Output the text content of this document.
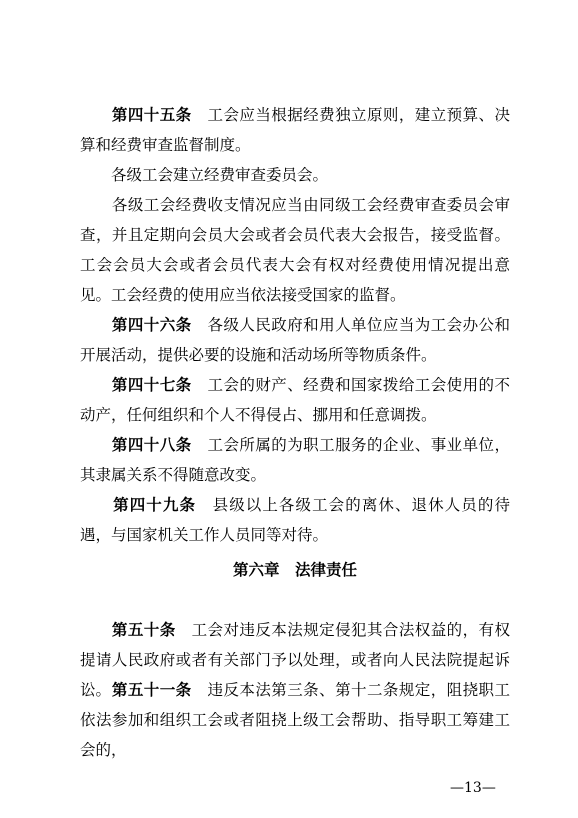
　　第四十五条　 工会应当根据经费独立原则，建立预算、决算和经费审查监督制度。

　　各级工会建立经费审查委员会。

　　各级工会经费收支情况应当由同级工会经费审查委员会审查，并且定期向会员大会或者会员代表大会报告，接受监督。工会会员大会或者会员代表大会有权对经费使用情况提出意见。

　　 工会经费的使用应当依法接受国家的监督。

　　第四十六条　 各级人民政府和用人单位应当为工会办公和开展活动，提供必要的设施和活动场所等物质条件。

　　第四十七条　 工会的财产、经费和国家拨给工会使用的不动产，任何组织和个人不得侵占、挪用和任意调拨。

　　第四十八条　 工会所属的为职工服务的企业、事业单位，其隶属关系不得随意改变。

　　第四十九条　 县级以上各级工会的离休、退休人员的待遇，与国家机关工作人员同等对待。

第六章　法律责任

　　第五十条　 工会对违反本法规定侵犯其合法权益的，有权提请人民政府或者有关部门予以处理，或者向人民法院提起诉讼。

　　 第五十一条　 违反本法第三条、第十二条规定，阻挠职工依法参加和组织工会或者阻挠上级工会帮助、指导职工筹建工会的，

—13—
